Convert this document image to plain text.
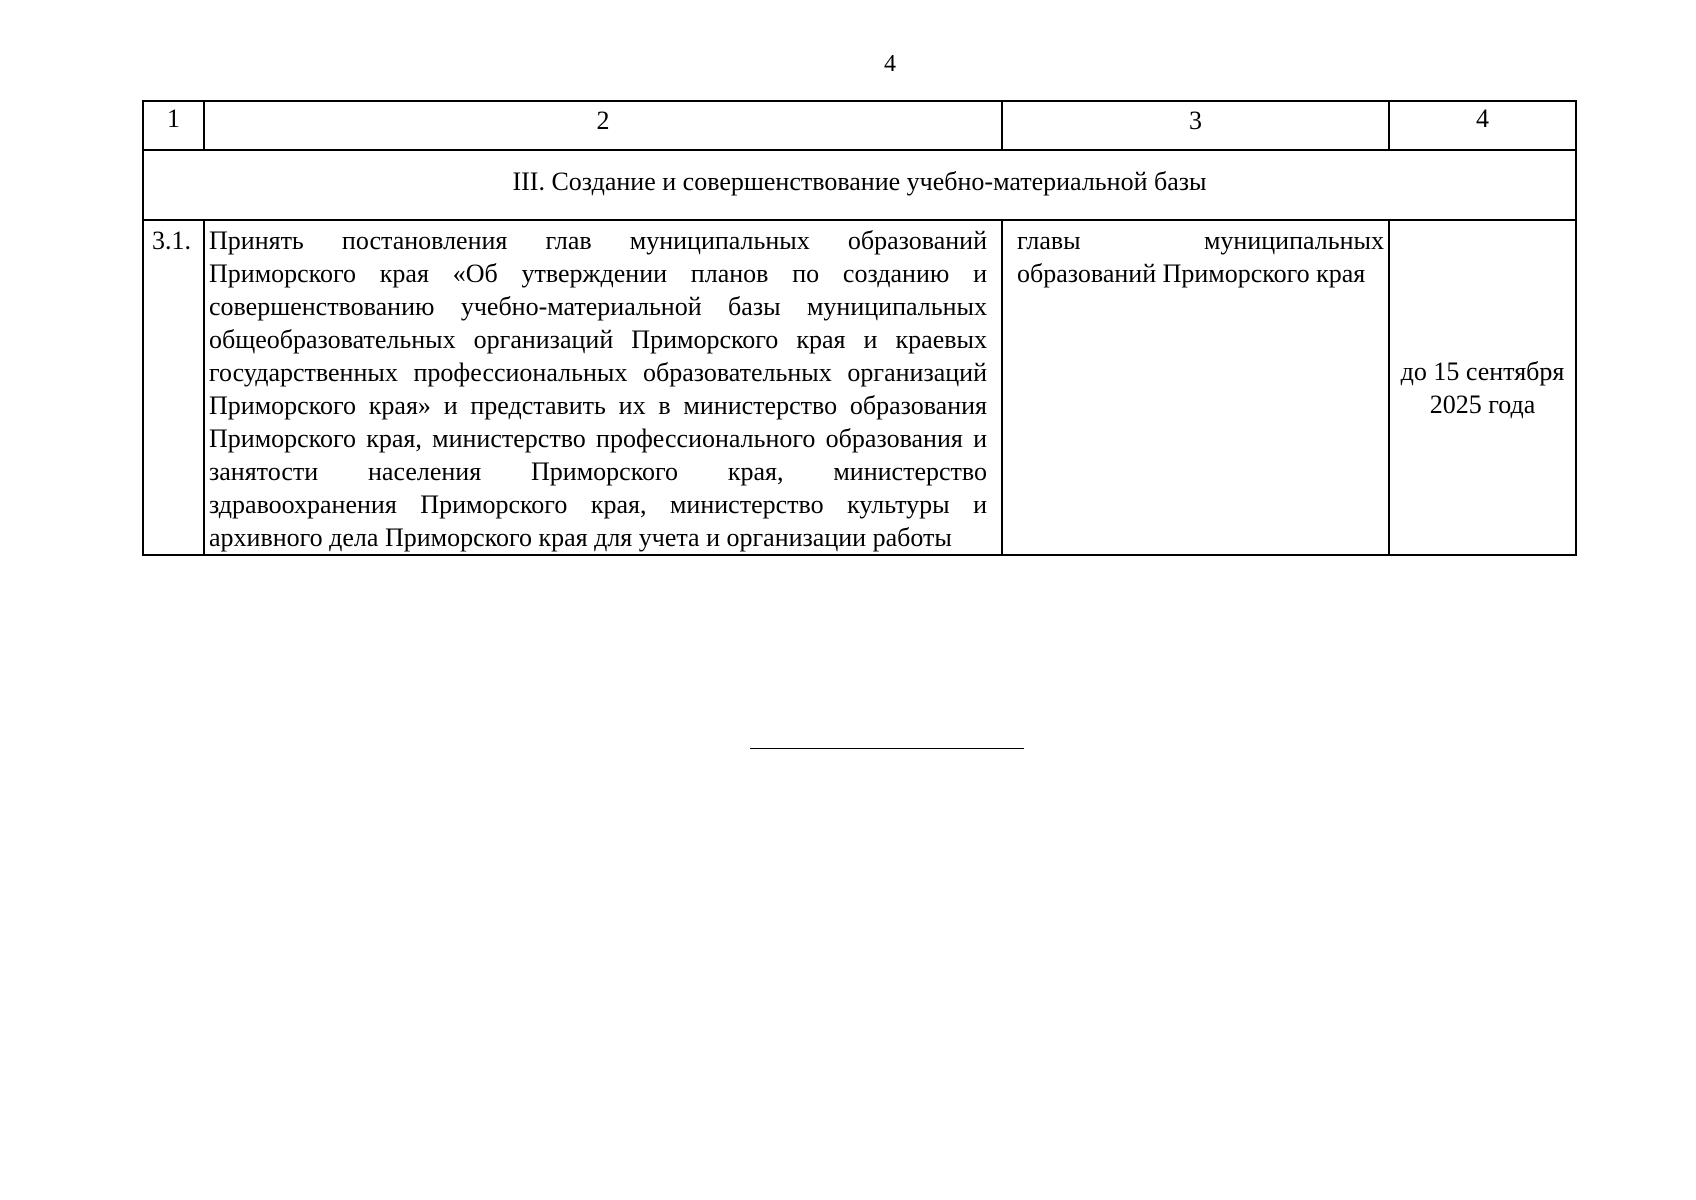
4
1	2	3	4
III. Создание и совершенствование учебно-материальной базы			
3.1.	Принять постановления глав муниципальных образований Приморского края «Об утверждении планов по созданию и совершенствованию учебно-материальной базы муниципальных общеобразовательных организаций Приморского края и краевых государственных профессиональных образовательных организаций Приморского края» и представить их в министерство образования Приморского края, министерство профессионального образования и занятости населения Приморского края, министерство здравоохранения Приморского края, министерство культуры и архивного дела Приморского края для учета и организации работы	главы муниципальных образований Приморского края	до 15 сентября 2025 года
